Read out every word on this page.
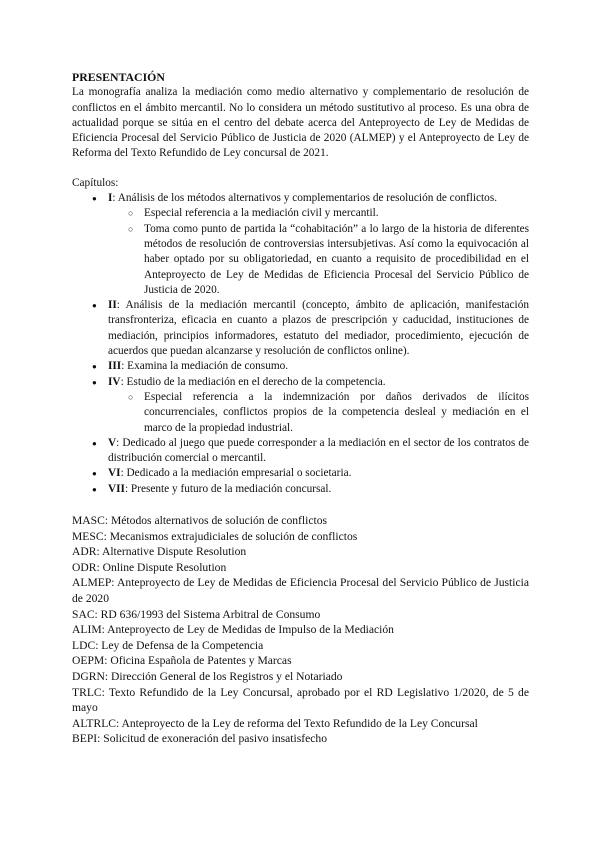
PRESENTACIÓN
La monografía analiza la mediación como medio alternativo y complementario de resolución de conflictos en el ámbito mercantil. No lo considera un método sustitutivo al proceso. Es una obra de actualidad porque se sitúa en el centro del debate acerca del Anteproyecto de Ley de Medidas de Eficiencia Procesal del Servicio Público de Justicia de 2020 (ALMEP) y el Anteproyecto de Ley de Reforma del Texto Refundido de Ley concursal de 2021.
Capítulos:
● I: Análisis de los métodos alternativos y complementarios de resolución de conflictos.
○ Especial referencia a la mediación civil y mercantil.
○ Toma como punto de partida la “cohabitación” a lo largo de la historia de diferentes métodos de resolución de controversias intersubjetivas. Así como la equivocación al haber optado por su obligatoriedad, en cuanto a requisito de procedibilidad en el Anteproyecto de Ley de Medidas de Eficiencia Procesal del Servicio Público de Justicia de 2020.
● II: Análisis de la mediación mercantil (concepto, ámbito de aplicación, manifestación transfronteriza, eficacia en cuanto a plazos de prescripción y caducidad, instituciones de mediación, principios informadores, estatuto del mediador, procedimiento, ejecución de acuerdos que puedan alcanzarse y resolución de conflictos online).
● III: Examina la mediación de consumo.
● IV: Estudio de la mediación en el derecho de la competencia.
○ Especial referencia a la indemnización por daños derivados de ilícitos concurrenciales, conflictos propios de la competencia desleal y mediación en el marco de la propiedad industrial.
● V: Dedicado al juego que puede corresponder a la mediación en el sector de los contratos de distribución comercial o mercantil.
● VI: Dedicado a la mediación empresarial o societaria.
● VII: Presente y futuro de la mediación concursal.
MASC: Métodos alternativos de solución de conflictos
MESC: Mecanismos extrajudiciales de solución de conflictos
ADR: Alternative Dispute Resolution
ODR: Online Dispute Resolution
ALMEP: Anteproyecto de Ley de Medidas de Eficiencia Procesal del Servicio Público de Justicia de 2020
SAC: RD 636/1993 del Sistema Arbitral de Consumo
ALIM: Anteproyecto de Ley de Medidas de Impulso de la Mediación
LDC: Ley de Defensa de la Competencia
OEPM: Oficina Española de Patentes y Marcas
DGRN: Dirección General de los Registros y el Notariado
TRLC: Texto Refundido de la Ley Concursal, aprobado por el RD Legislativo 1/2020, de 5 de mayo
ALTRLC: Anteproyecto de la Ley de reforma del Texto Refundido de la Ley Concursal
BEPI: Solicitud de exoneración del pasivo insatisfecho
